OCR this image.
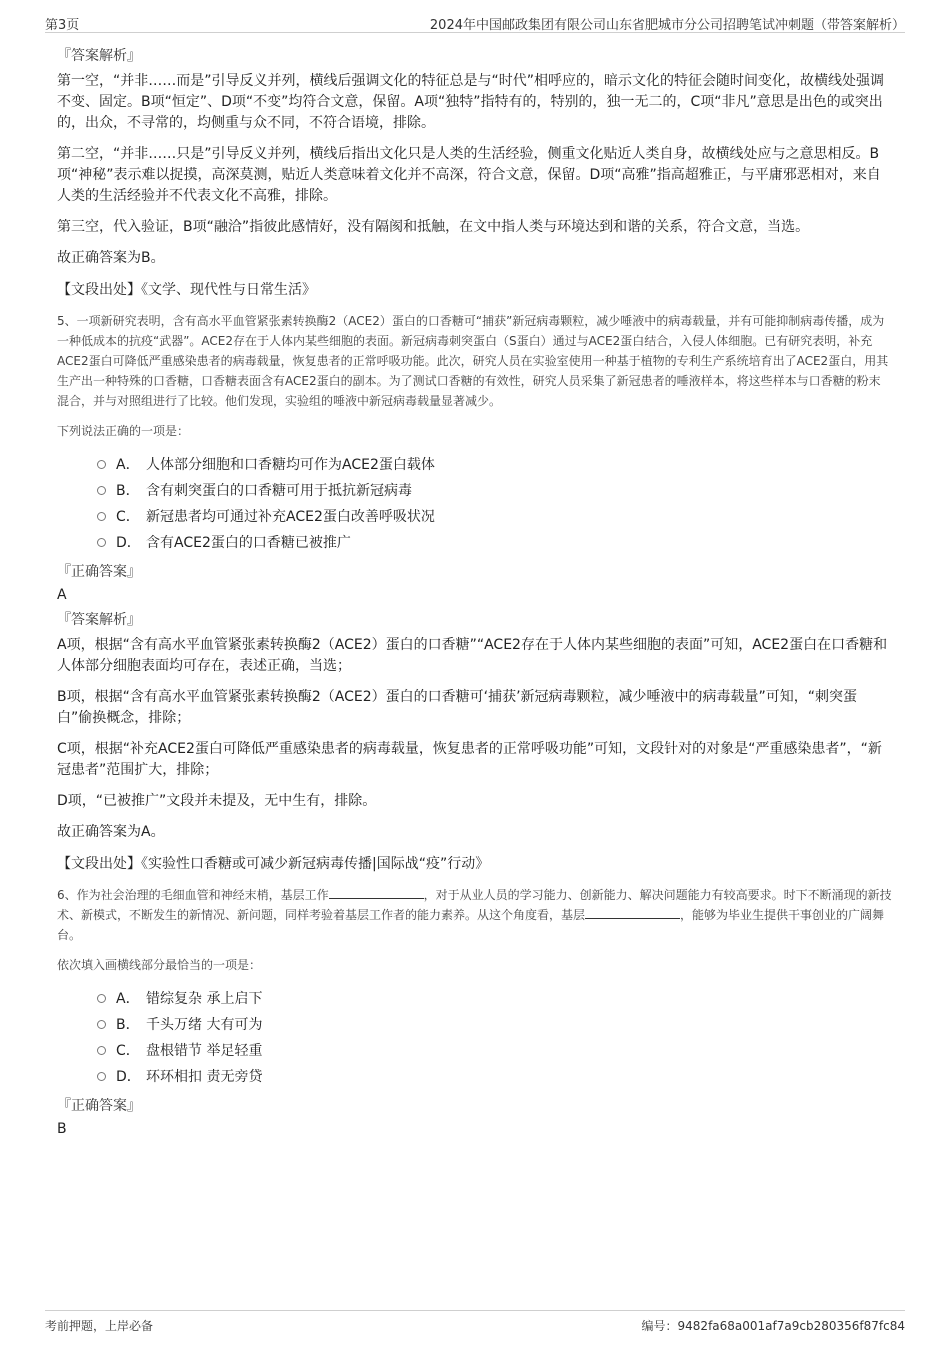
第3页	2024年中国邮政集团有限公司山东省肥城市分公司招聘笔试冲刺题（带答案解析）
『答案解析』

第一空，“并非……而是”引导反义并列，横线后强调文化的特征总是与“时代”相呼应的，暗示文化的特征会随时间变化，故横线处强调不变、固定。B项“恒定”、D项“不变”均符合文意，保留。A项“独特”指特有的，特别的，独一无二的，C项“非凡”意思是出色的或突出的，出众，不寻常的，均侧重与众不同，不符合语境，排除。

第二空，“并非……只是”引导反义并列，横线后指出文化只是人类的生活经验，侧重文化贴近人类自身，故横线处应与之意思相反。B项“神秘”表示难以捉摸，高深莫测，贴近人类意味着文化并不高深，符合文意，保留。D项“高雅”指高超雅正，与平庸邪恶相对，来自人类的生活经验并不代表文化不高雅，排除。

第三空，代入验证，B项“融洽”指彼此感情好，没有隔阂和抵触，在文中指人类与环境达到和谐的关系，符合文意，当选。

故正确答案为B。

【文段出处】《文学、现代性与日常生活》

5、一项新研究表明，含有高水平血管紧张素转换酶2（ACE2）蛋白的口香糖可“捕获”新冠病毒颗粒，减少唾液中的病毒载量，并有可能抑制病毒传播，成为一种低成本的抗疫“武器”。ACE2存在于人体内某些细胞的表面。新冠病毒刺突蛋白（S蛋白）通过与ACE2蛋白结合，入侵人体细胞。已有研究表明，补充ACE2蛋白可降低严重感染患者的病毒载量，恢复患者的正常呼吸功能。此次，研究人员在实验室使用一种基于植物的专利生产系统培育出了ACE2蛋白，用其生产出一种特殊的口香糖，口香糖表面含有ACE2蛋白的副本。为了测试口香糖的有效性，研究人员采集了新冠患者的唾液样本，将这些样本与口香糖的粉末混合，并与对照组进行了比较。他们发现，实验组的唾液中新冠病毒载量显著减少。

下列说法正确的一项是：

A． 人体部分细胞和口香糖均可作为ACE2蛋白载体
B． 含有刺突蛋白的口香糖可用于抵抗新冠病毒
C． 新冠患者均可通过补充ACE2蛋白改善呼吸状况
D． 含有ACE2蛋白的口香糖已被推广
『正确答案』
A
『答案解析』

A项，根据“含有高水平血管紧张素转换酶2（ACE2）蛋白的口香糖”“ACE2存在于人体内某些细胞的表面”可知，ACE2蛋白在口香糖和人体部分细胞表面均可存在，表述正确，当选；

B项，根据“含有高水平血管紧张素转换酶2（ACE2）蛋白的口香糖可‘捕获’新冠病毒颗粒，减少唾液中的病毒载量”可知，“刺突蛋白”偷换概念，排除；

C项，根据“补充ACE2蛋白可降低严重感染患者的病毒载量，恢复患者的正常呼吸功能”可知，文段针对的对象是“严重感染患者”，“新冠患者”范围扩大，排除；

D项，“已被推广”文段并未提及，无中生有，排除。

故正确答案为A。

【文段出处】《实验性口香糖或可减少新冠病毒传播|国际战“疫”行动》

6、作为社会治理的毛细血管和神经末梢，基层工作	，对于从业人员的学习能力、创新能力、解决问题能力有较高要求。时下不断涌现的新技术、新模式，不断发生的新情况、新问题，同样考验着基层工作者的能力素养。从这个角度看，基层	，能够为毕业生提供干事创业的广阔舞台。

依次填入画横线部分最恰当的一项是：

A． 错综复杂 承上启下
B． 千头万绪 大有可为
C． 盘根错节 举足轻重
D． 环环相扣 责无旁贷
『正确答案』
B
考前押题，上岸必备	编号：9482fa68a001af7a9cb280356f87fc84
